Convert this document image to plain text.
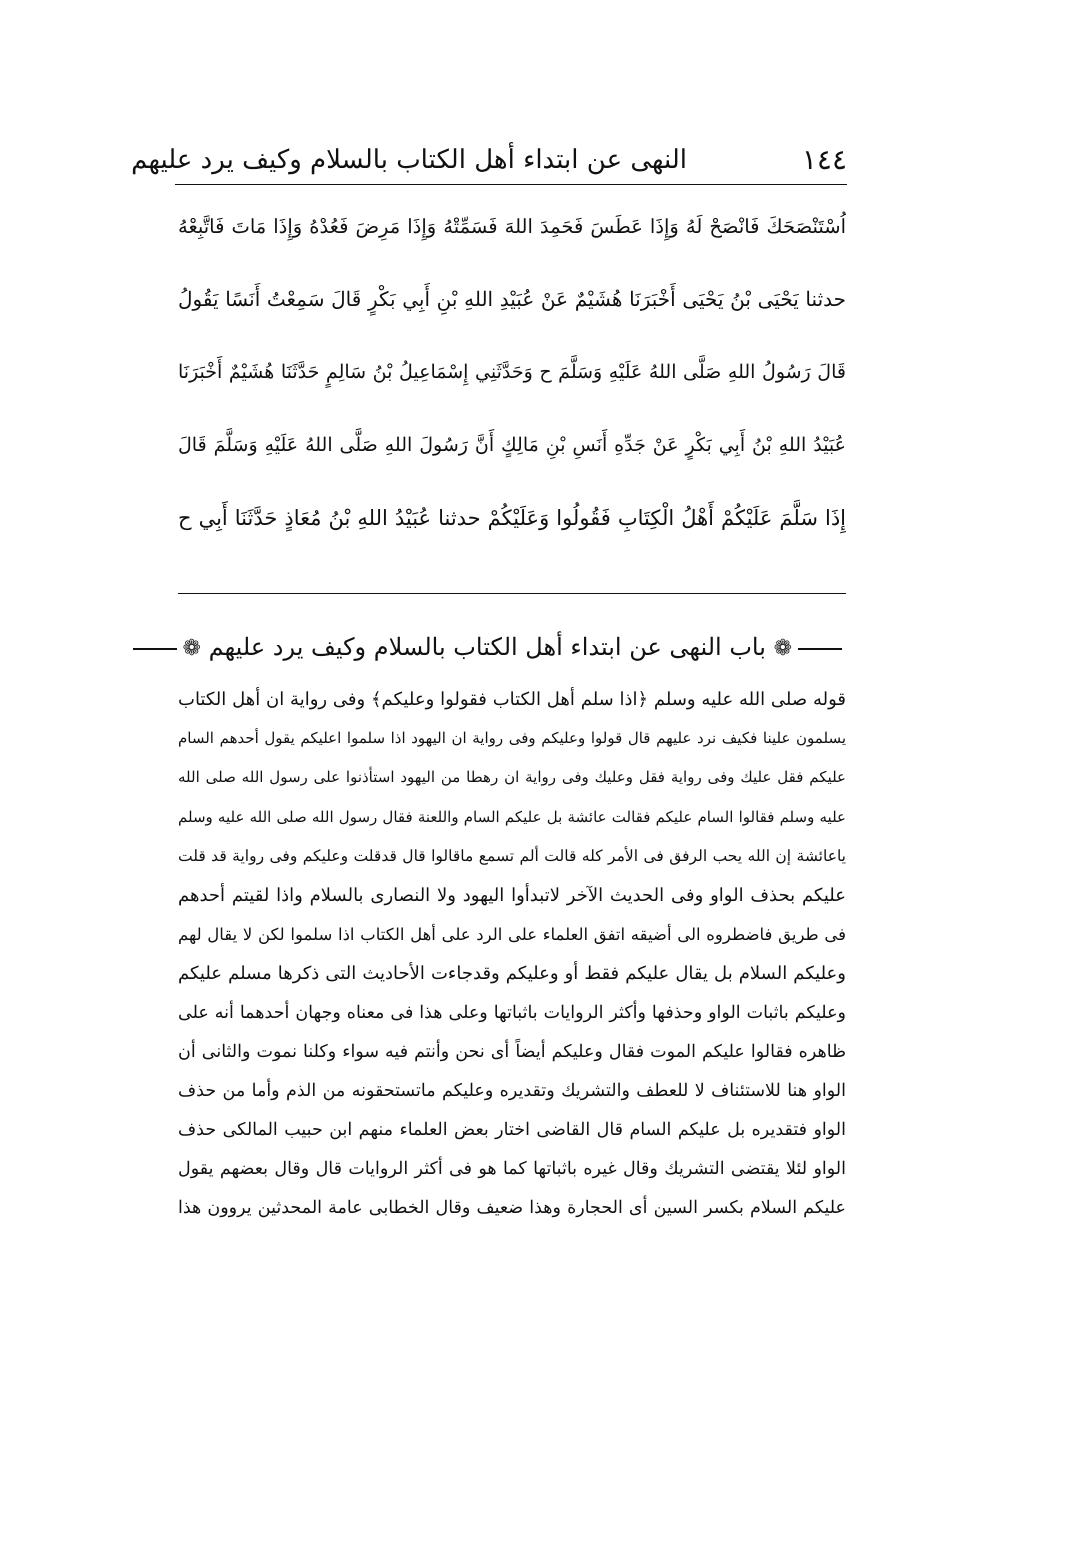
١٤٤
النهى عن ابتداء أهل الكتاب بالسلام وكيف يرد عليهم
اُسْتَنْصَحَكَ فَانْصَحْ لَهُ وَإِذَا عَطَسَ فَحَمِدَ اللهَ فَسَمِّتْهُ وَإِذَا مَرِضَ فَعُدْهُ وَإِذَا مَاتَ فَاتَّبِعْهُ
حدثنا يَحْيَى بْنُ يَحْيَى أَخْبَرَنَا هُشَيْمٌ عَنْ عُبَيْدِ اللهِ بْنِ أَبِي بَكْرٍ قَالَ سَمِعْتُ أَنَسًا يَقُولُ
قَالَ رَسُولُ اللهِ صَلَّى اللهُ عَلَيْهِ وَسَلَّمَ ح وَحَدَّثَنِي إِسْمَاعِيلُ بْنُ سَالِمٍ حَدَّثَنَا هُشَيْمٌ أَخْبَرَنَا
عُبَيْدُ اللهِ بْنُ أَبِي بَكْرٍ عَنْ جَدِّهِ أَنَسِ بْنِ مَالِكٍ أَنَّ رَسُولَ اللهِ صَلَّى اللهُ عَلَيْهِ وَسَلَّمَ قَالَ
إِذَا سَلَّمَ عَلَيْكُمْ أَهْلُ الْكِتَابِ فَقُولُوا وَعَلَيْكُمْ حدثنا عُبَيْدُ اللهِ بْنُ مُعَاذٍ حَدَّثَنَا أَبِي ح
❁ باب النهى عن ابتداء أهل الكتاب بالسلام وكيف يرد عليهم ❁
قوله صلى الله عليه وسلم ﴿اذا سلم أهل الكتاب فقولوا وعليكم﴾ وفى رواية ان أهل الكتاب
يسلمون علينا فكيف نرد عليهم قال قولوا وعليكم وفى رواية ان اليهود اذا سلموا اعليكم يقول أحدهم السام
عليكم فقل عليك وفى رواية فقل وعليك وفى رواية ان رهطا من اليهود استأذنوا على رسول الله صلى الله
عليه وسلم فقالوا السام عليكم فقالت عائشة بل عليكم السام واللعنة فقال رسول الله صلى الله عليه وسلم
ياعائشة إن الله يحب الرفق فى الأمر كله قالت ألم تسمع ماقالوا قال قدقلت وعليكم وفى رواية قد قلت
عليكم بحذف الواو وفى الحديث الآخر لاتبدأوا اليهود ولا النصارى بالسلام واذا لقيتم أحدهم
فى طريق فاضطروه الى أضيقه اتفق العلماء على الرد على أهل الكتاب اذا سلموا لكن لا يقال لهم
وعليكم السلام بل يقال عليكم فقط أو وعليكم وقدجاءت الأحاديث التى ذكرها مسلم عليكم
وعليكم باثبات الواو وحذفها وأكثر الروايات باثباتها وعلى هذا فى معناه وجهان أحدهما أنه على
ظاهره فقالوا عليكم الموت فقال وعليكم أيضاً أى نحن وأنتم فيه سواء وكلنا نموت والثانى أن
الواو هنا للاستئناف لا للعطف والتشريك وتقديره وعليكم ماتستحقونه من الذم وأما من حذف
الواو فتقديره بل عليكم السام قال القاضى اختار بعض العلماء منهم ابن حبيب المالكى حذف
الواو لئلا يقتضى التشريك وقال غيره باثباتها كما هو فى أكثر الروايات قال وقال بعضهم يقول
عليكم السلام بكسر السين أى الحجارة وهذا ضعيف وقال الخطابى عامة المحدثين يروون هذا
